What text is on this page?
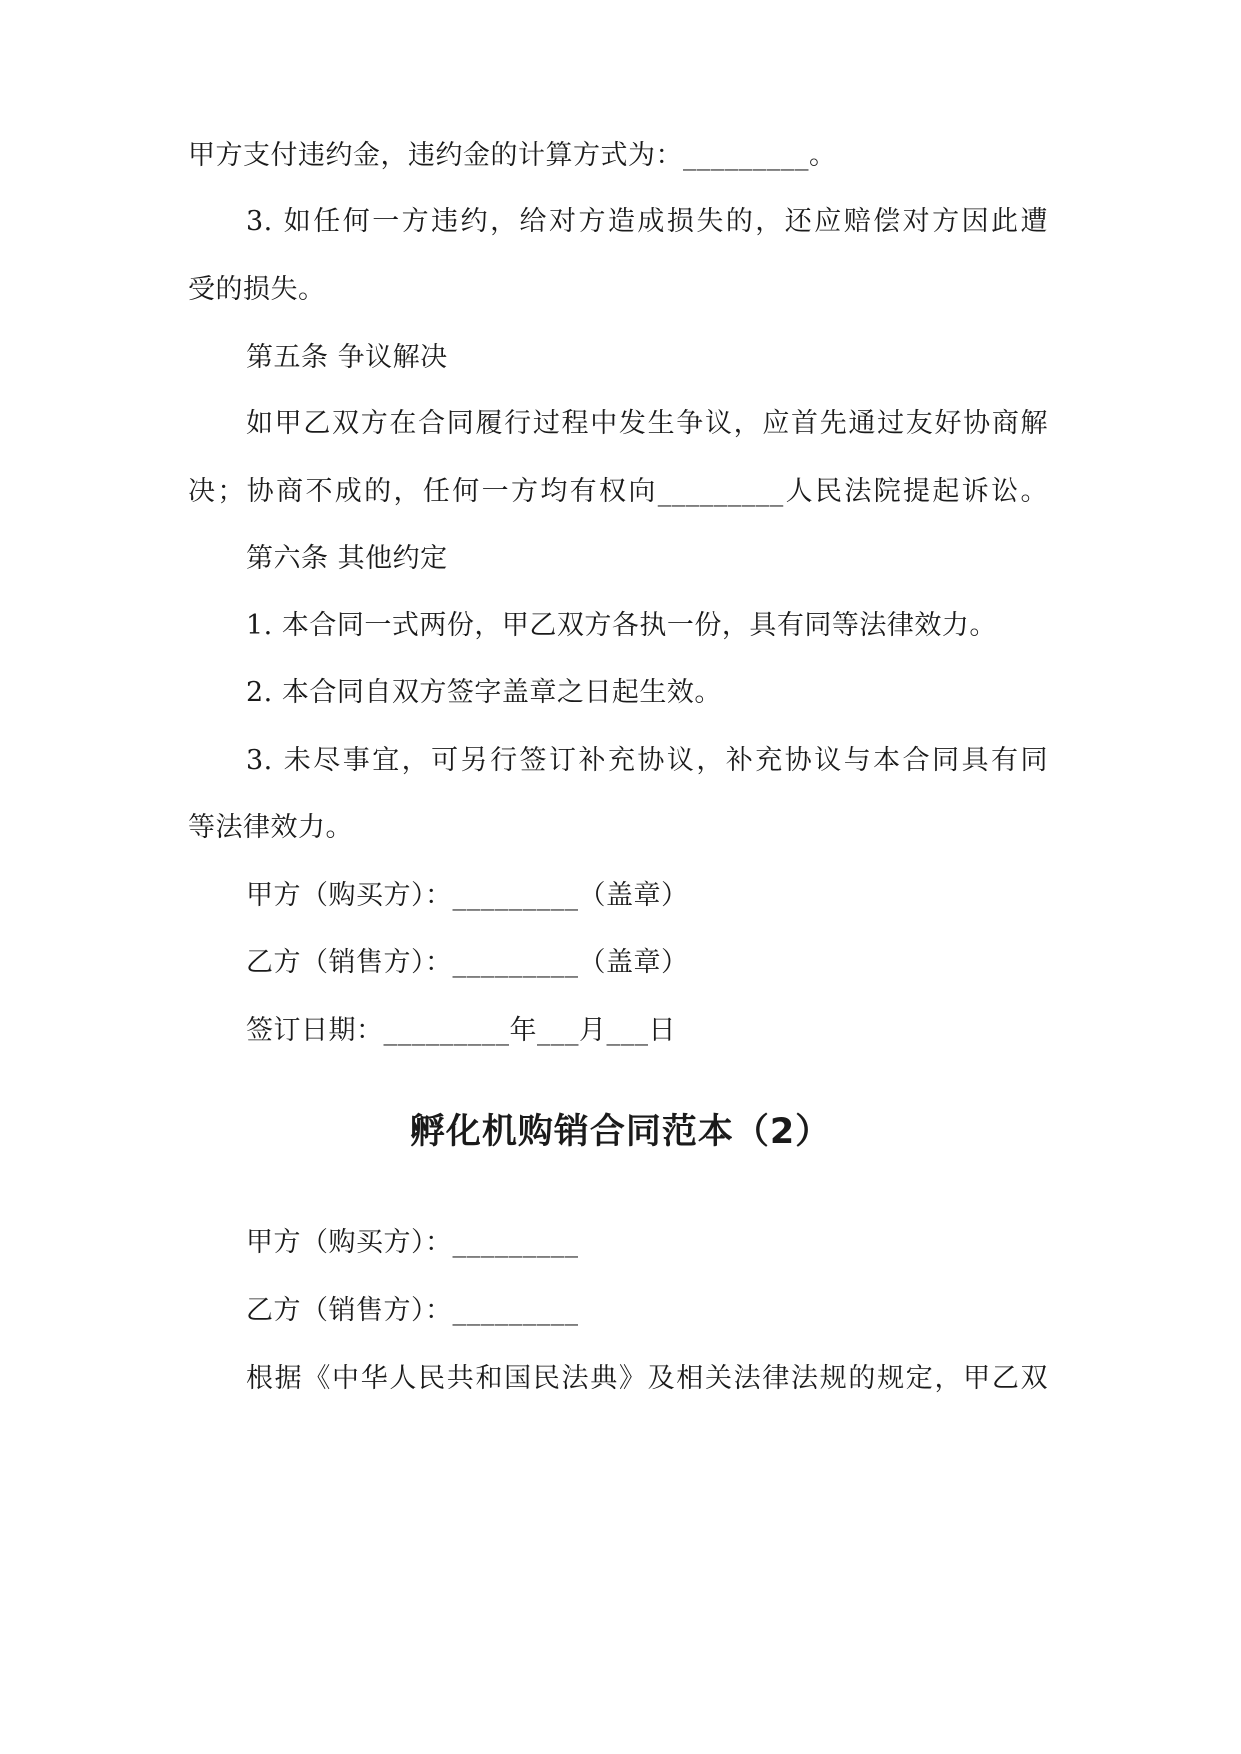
甲方支付违约金，违约金的计算方式为：_________。
3. 如任何一方违约，给对方造成损失的，还应赔偿对方因此遭
受的损失。
第五条 争议解决
如甲乙双方在合同履行过程中发生争议，应首先通过友好协商解
决；协商不成的，任何一方均有权向_________人民法院提起诉讼。
第六条 其他约定
1. 本合同一式两份，甲乙双方各执一份，具有同等法律效力。
2. 本合同自双方签字盖章之日起生效。
3. 未尽事宜，可另行签订补充协议，补充协议与本合同具有同
等法律效力。
甲方（购买方）：_________（盖章）
乙方（销售方）：_________（盖章）
签订日期：_________年___月___日
孵化机购销合同范本（2）
甲方（购买方）：_________
乙方（销售方）：_________
根据《中华人民共和国民法典》及相关法律法规的规定，甲乙双
